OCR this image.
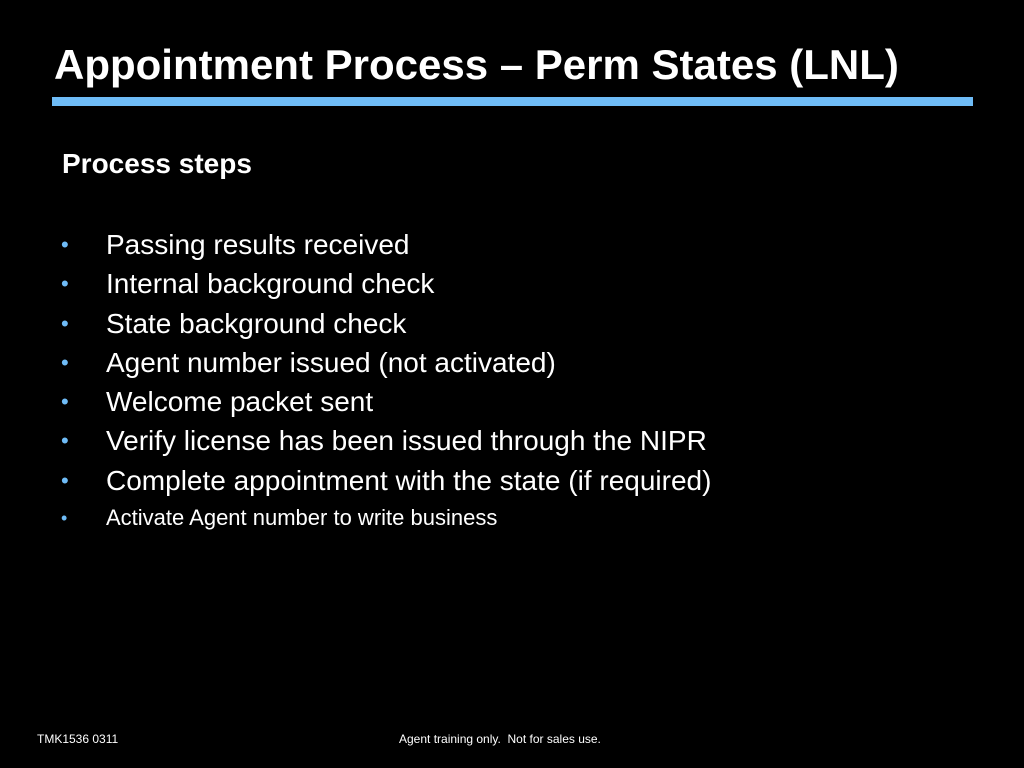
Appointment Process – Perm States (LNL)
Process steps
• Passing results received
• Internal background check
• State background check
• Agent number issued (not activated)
• Welcome packet sent
• Verify license has been issued through the NIPR
• Complete appointment with the state (if required)
• Activate Agent number to write business
TMK1536 0311	Agent training only.  Not for sales use.
